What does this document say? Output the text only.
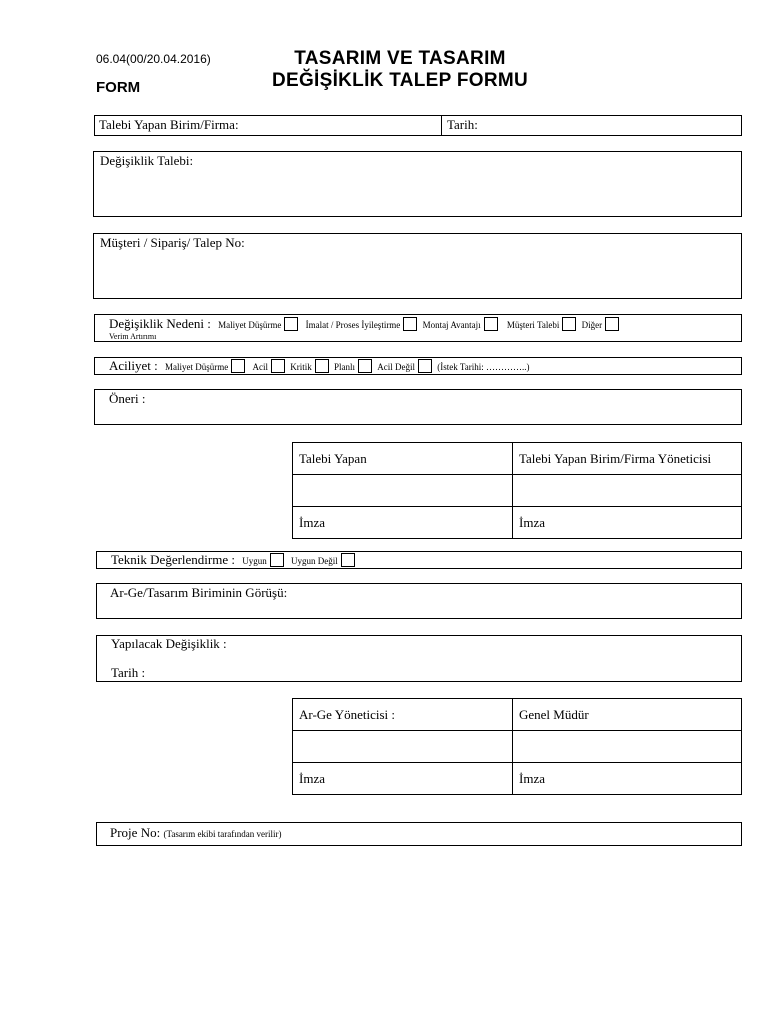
06.04(00/20.04.2016)
FORM
TASARIM VE TASARIM
DEĞİŞİKLİK TALEP FORMU
Talebi Yapan Birim/Firma:	Tarih:
Değişiklik Talebi:
Müşteri / Sipariş/ Talep No:
Değişiklik Nedeni : Maliyet Düşürme	İmalat / Proses İyileştirme Montaj Avantajı	Müşteri Talebi Diğer
Verim Artırımı
Aciliyet : Maliyet Düşürme	Acil Kritik Planlı Acil Değil (İstek Tarihi: …………..)
Öneri :
Talebi Yapan	Talebi Yapan Birim/Firma Yöneticisi

İmza	İmza
Teknik Değerlendirme : Uygun	Uygun Değil
Ar-Ge/Tasarım Biriminin Görüşü:
Yapılacak Değişiklik :
Tarih :
Ar-Ge Yöneticisi :	Genel Müdür

İmza	İmza
Proje No: (Tasarım ekibi tarafından verilir)
